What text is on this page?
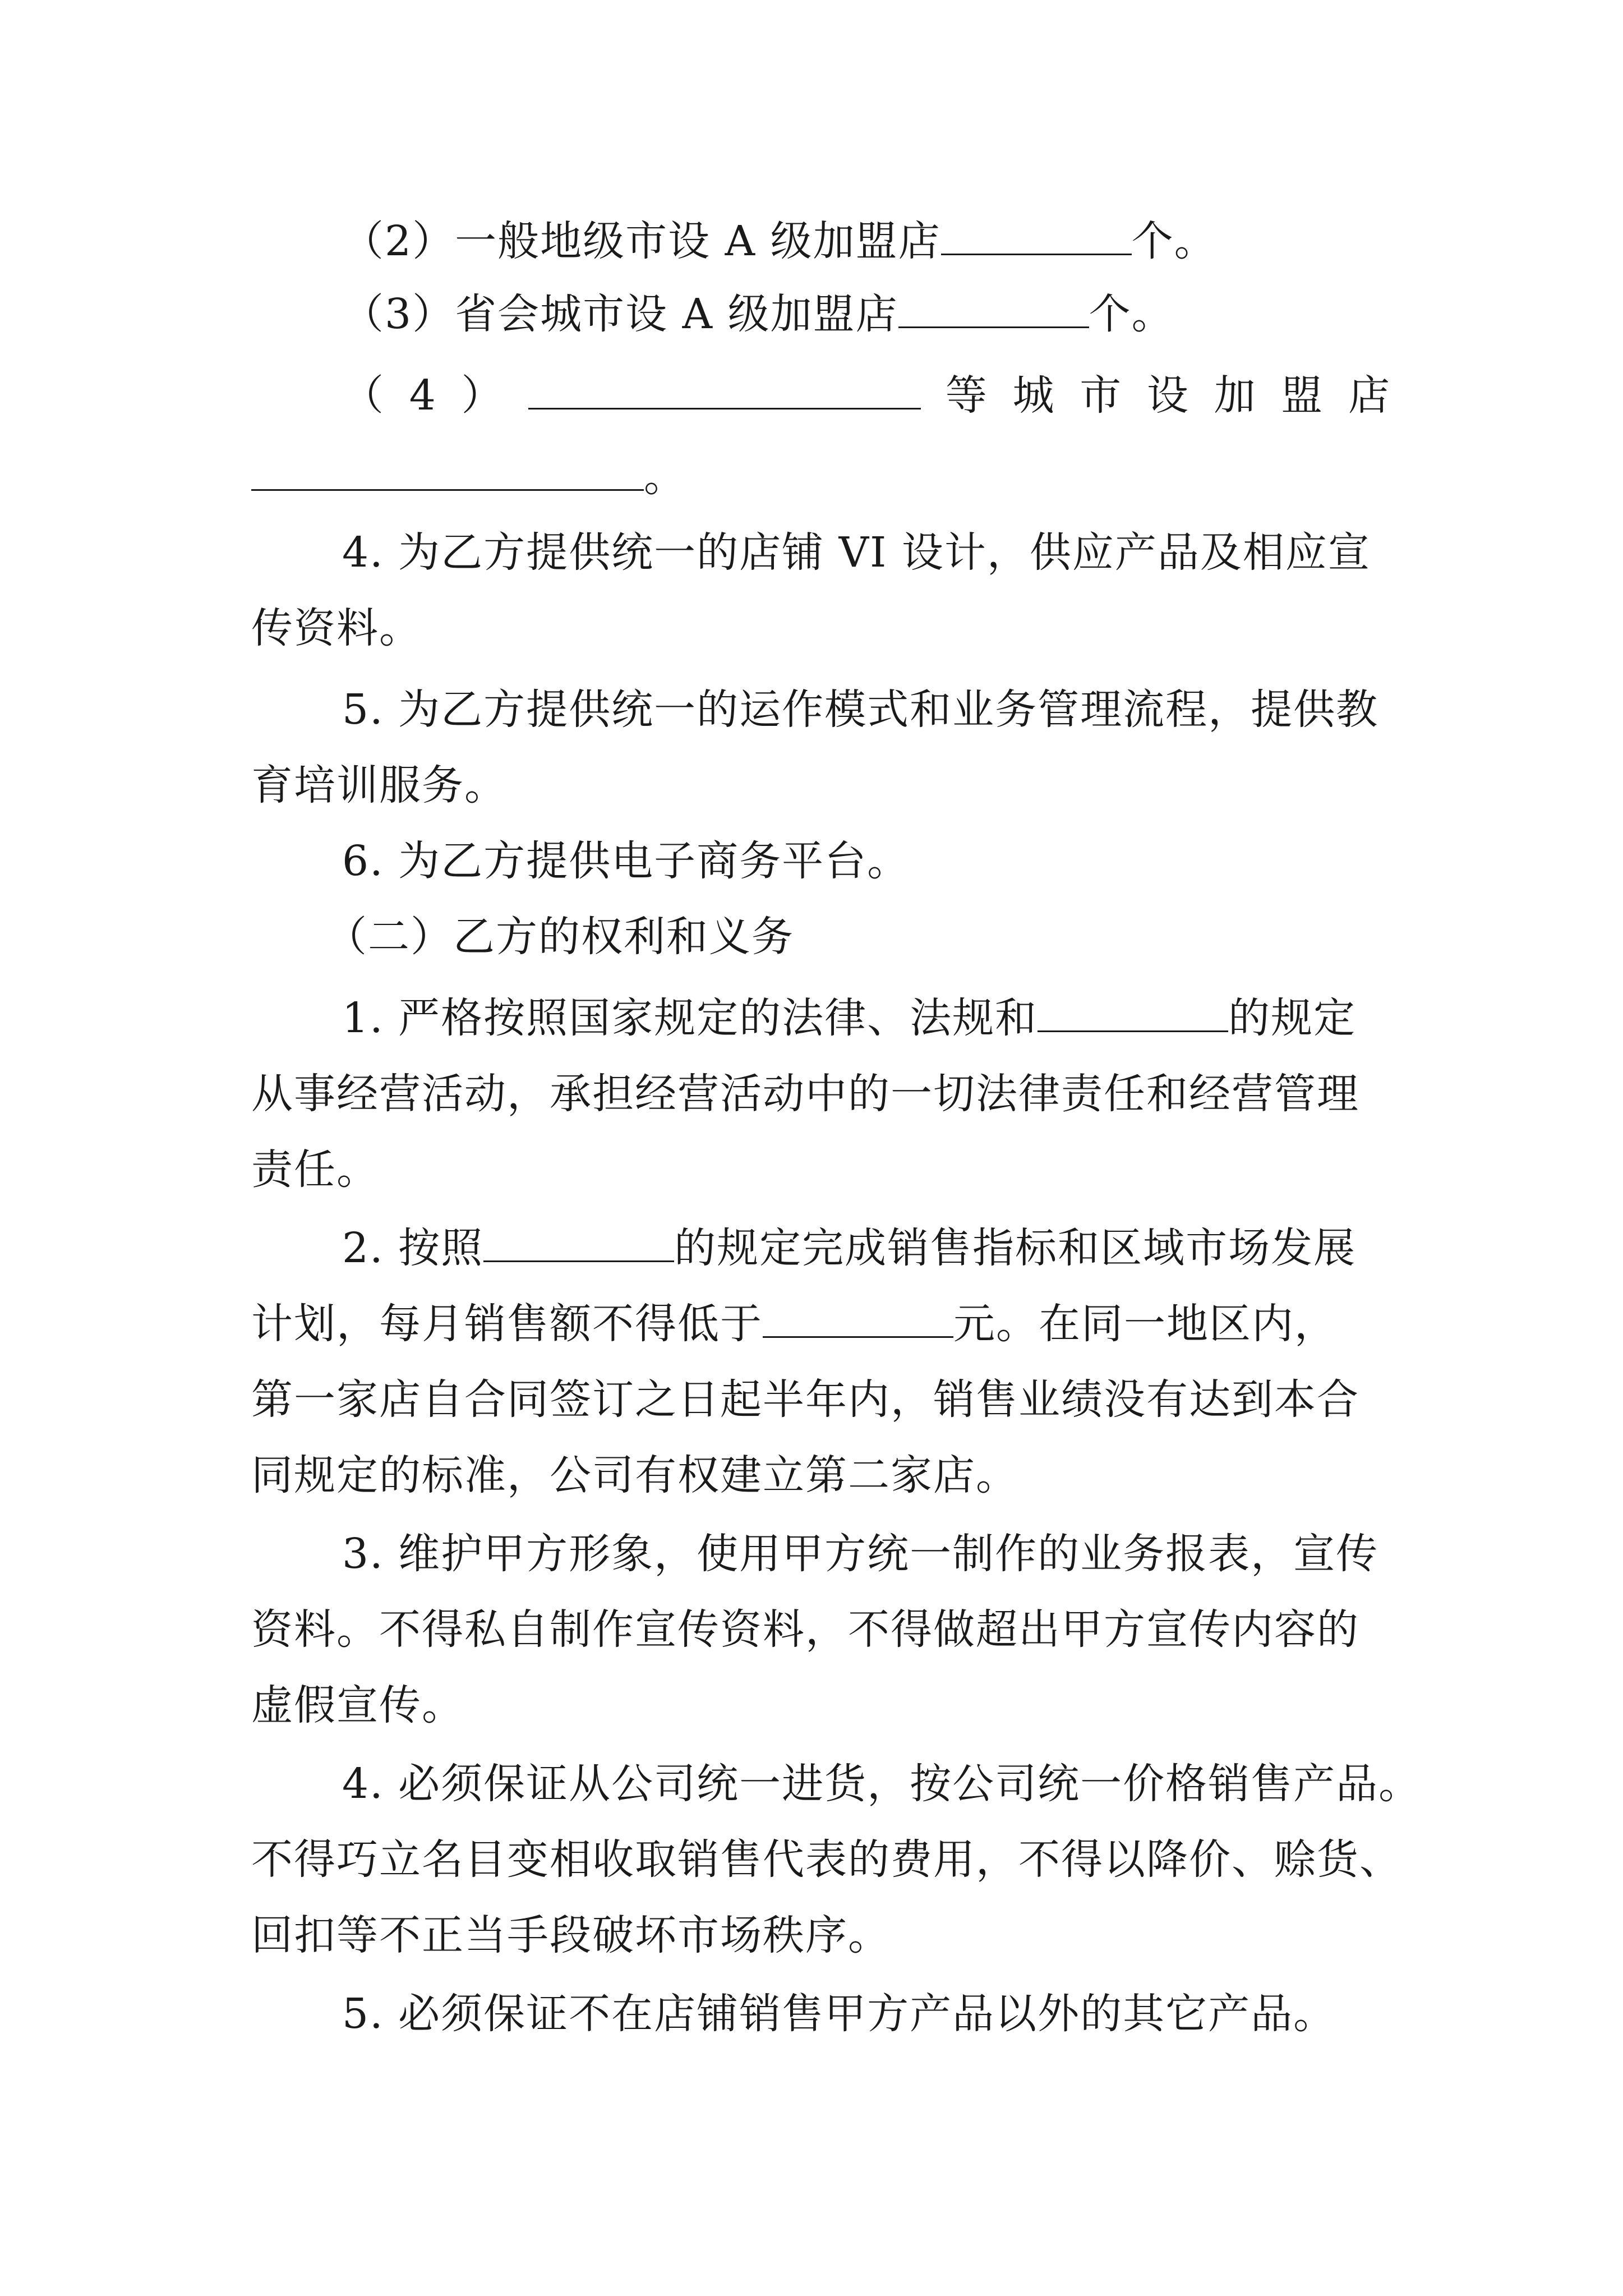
（2）一般地级市设 A 级加盟店	个。
（3）省会城市设 A 级加盟店	个。
（ 4 ）	等 城 市 设 加 盟 店
。
4. 为乙方提供统一的店铺 VI 设计，供应产品及相应宣
传资料。
5. 为乙方提供统一的运作模式和业务管理流程，提供教
育培训服务。
6. 为乙方提供电子商务平台。
（二）乙方的权利和义务
1. 严格按照国家规定的法律、法规和	的规定
从事经营活动，承担经营活动中的一切法律责任和经营管理
责任。
2. 按照	的规定完成销售指标和区域市场发展
计划，每月销售额不得低于	元。在同一地区内，
第一家店自合同签订之日起半年内，销售业绩没有达到本合
同规定的标准，公司有权建立第二家店。
3. 维护甲方形象，使用甲方统一制作的业务报表，宣传
资料。不得私自制作宣传资料，不得做超出甲方宣传内容的
虚假宣传。
4. 必须保证从公司统一进货，按公司统一价格销售产品。
不得巧立名目变相收取销售代表的费用，不得以降价、赊货、
回扣等不正当手段破坏市场秩序。
5. 必须保证不在店铺销售甲方产品以外的其它产品。
